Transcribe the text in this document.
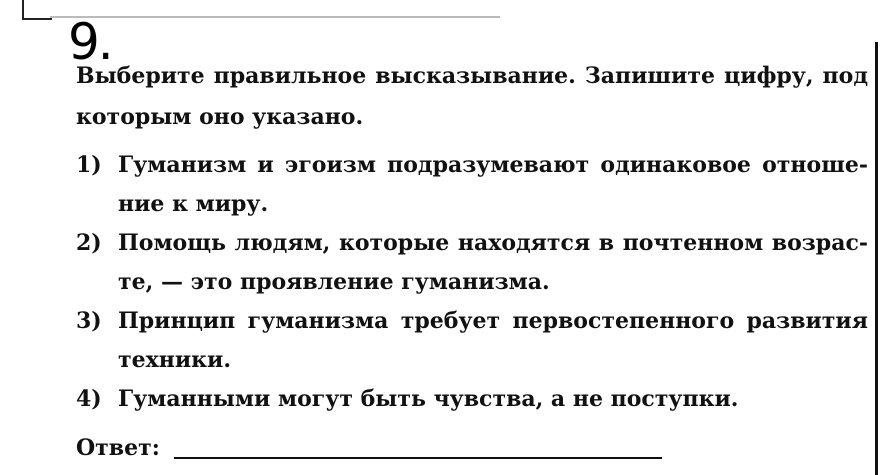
9.
Выберите правильное высказывание. Запишите цифру, под которым оно указано.
1) Гуманизм и эгоизм подразумевают одинаковое отношение к миру.
2) Помощь людям, которые находятся в почтенном возрасте, — это проявление гуманизма.
3) Принцип гуманизма требует первостепенного развития техники.
4) Гуманными могут быть чувства, а не поступки.
Ответ:
